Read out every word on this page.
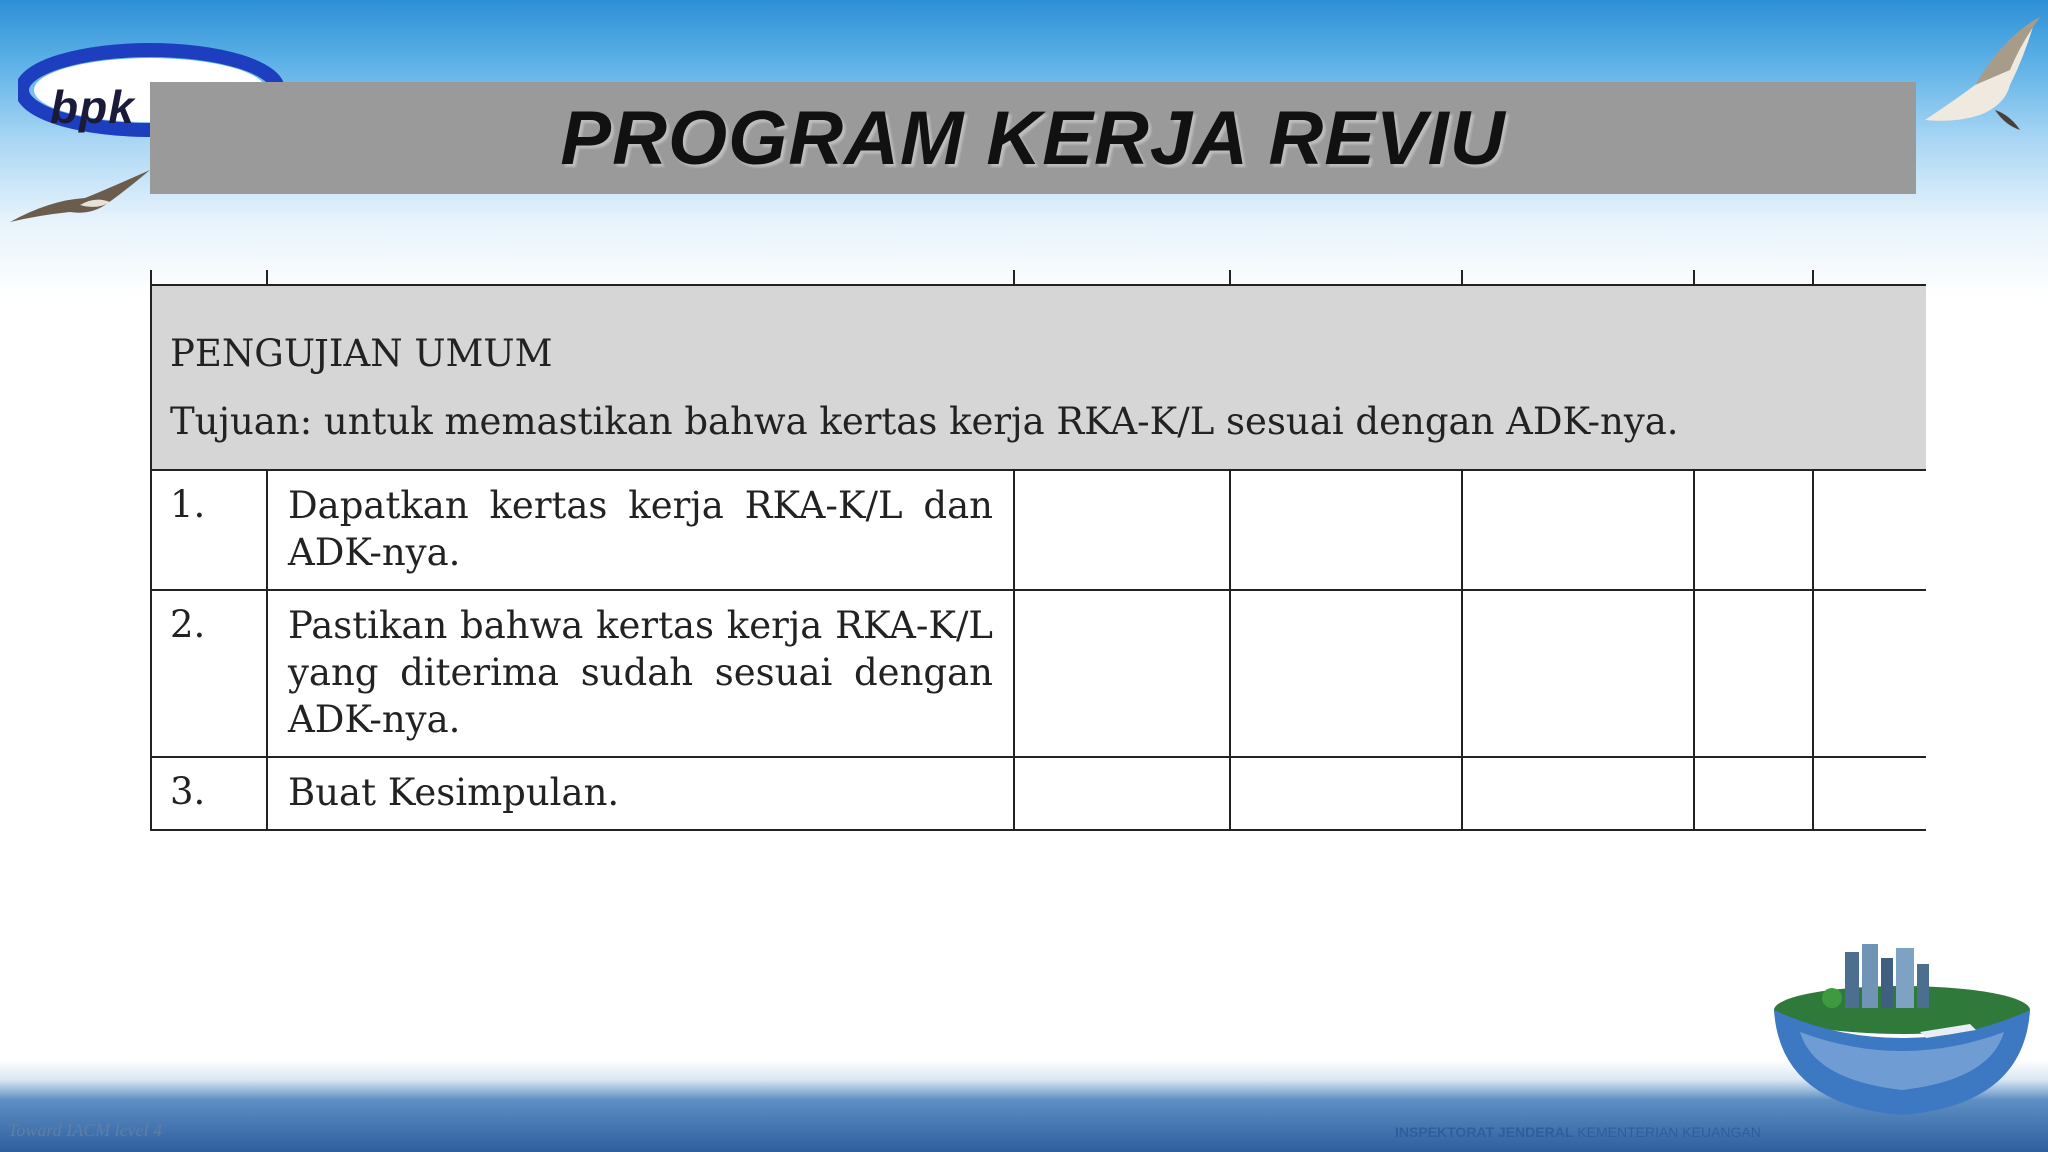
bpk	PROGRAM KERJA REVIU

PENGUJIAN UMUM
Tujuan: untuk memastikan bahwa kertas kerja RKA-K/L sesuai dengan ADK-nya.						

1.	Dapatkan kertas kerja RKA-K/L dan ADK-nya.					
2.	Pastikan bahwa kertas kerja RKA-K/L yang diterima sudah sesuai dengan ADK-nya.					
3.	Buat Kesimpulan.					
Toward IACM level 4	INSPEKTORAT JENDERAL KEMENTERIAN KEUANGAN
